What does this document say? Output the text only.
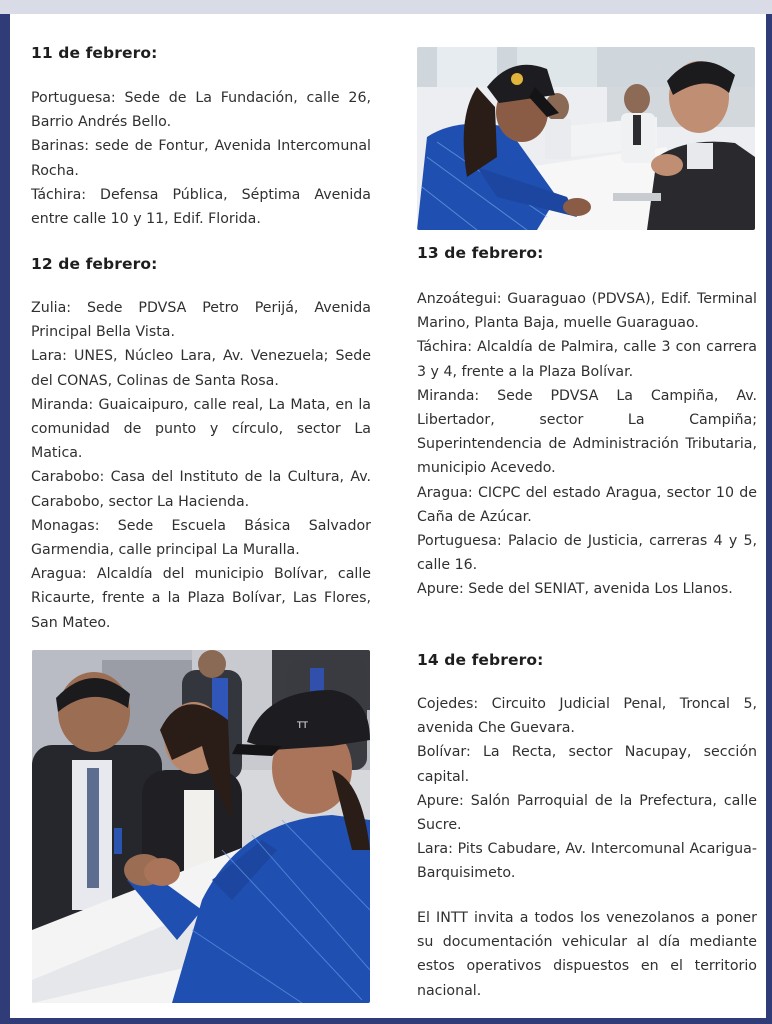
11 de febrero:

Portuguesa: Sede de La Fundación, calle 26, Barrio Andrés Bello.

Barinas: sede de Fontur, Avenida Intercomunal Rocha.

Táchira: Defensa Pública, Séptima Avenida entre calle 10 y 11, Edif. Florida.

12 de febrero:

Zulia: Sede PDVSA Petro Perijá, Avenida Principal Bella Vista.

Lara: UNES, Núcleo Lara, Av. Venezuela; Sede del CONAS, Colinas de Santa Rosa.

Miranda: Guaicaipuro, calle real, La Mata, en la comunidad de punto y círculo, sector La Matica.

Carabobo: Casa del Instituto de la Cultura, Av. Carabobo, sector La Hacienda.

Monagas: Sede Escuela Básica Salvador Garmendia, calle principal La Muralla.

Aragua: Alcaldía del municipio Bolívar, calle Ricaurte, frente a la Plaza Bolívar, Las Flores, San Mateo.

TT
13 de febrero:

Anzoátegui: Guaraguao (PDVSA), Edif. Terminal Marino, Planta Baja, muelle Guaraguao.

Táchira: Alcaldía de Palmira, calle 3 con carrera 3 y 4, frente a la Plaza Bolívar.

Miranda: Sede PDVSA La Campiña, Av. Libertador, sector La Campiña; Superintendencia de Administración Tributaria, municipio Acevedo.

Aragua: CICPC del estado Aragua, sector 10 de Caña de Azúcar.

Portuguesa: Palacio de Justicia, carreras 4 y 5, calle 16.

Apure: Sede del SENIAT, avenida Los Llanos.

14 de febrero:

Cojedes: Circuito Judicial Penal, Troncal 5, avenida Che Guevara.

Bolívar: La Recta, sector Nacupay, sección capital.

Apure: Salón Parroquial de la Prefectura, calle Sucre.

Lara: Pits Cabudare, Av. Intercomunal Acarigua-Barquisimeto.

El INTT invita a todos los venezolanos a poner su documentación vehicular al día mediante estos operativos dispuestos en el territorio nacional.
